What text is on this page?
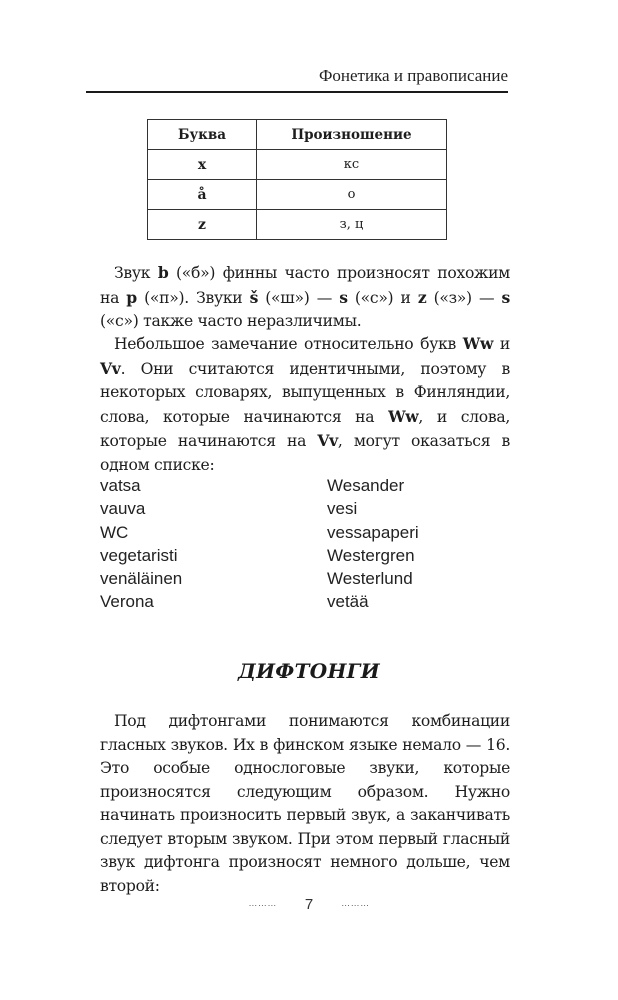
Фонетика и правописание
Буква	Произношение
x	кс
å	о
z	з, ц

Звук b («б») финны часто произносят похожим на p («п»). Звуки š («ш») — s («с») и z («з») — s («с») также часто неразличимы.

Небольшое замечание относительно букв Ww и Vv. Они считаются идентичными, поэтому в некоторых словарях, выпущенных в Финляндии, слова, которые начинаются на Ww, и слова, которые начинаются на Vv, могут оказаться в одном списке:

vatsa	Wesander
vauva	vesi
WC	vessapaperi
vegetaristi	Westergren
venäläinen	Westerlund
Verona	vetää
ДИФТОНГИ

Под дифтонгами понимаются комбинации гласных звуков. Их в финском языке немало — 16. Это особые однослоговые звуки, которые произносятся следующим образом. Нужно начинать произносить первый звук, а заканчивать следует вторым звуком. При этом первый гласный звук дифтонга произносят немного дольше, чем второй:

……… 7	………
